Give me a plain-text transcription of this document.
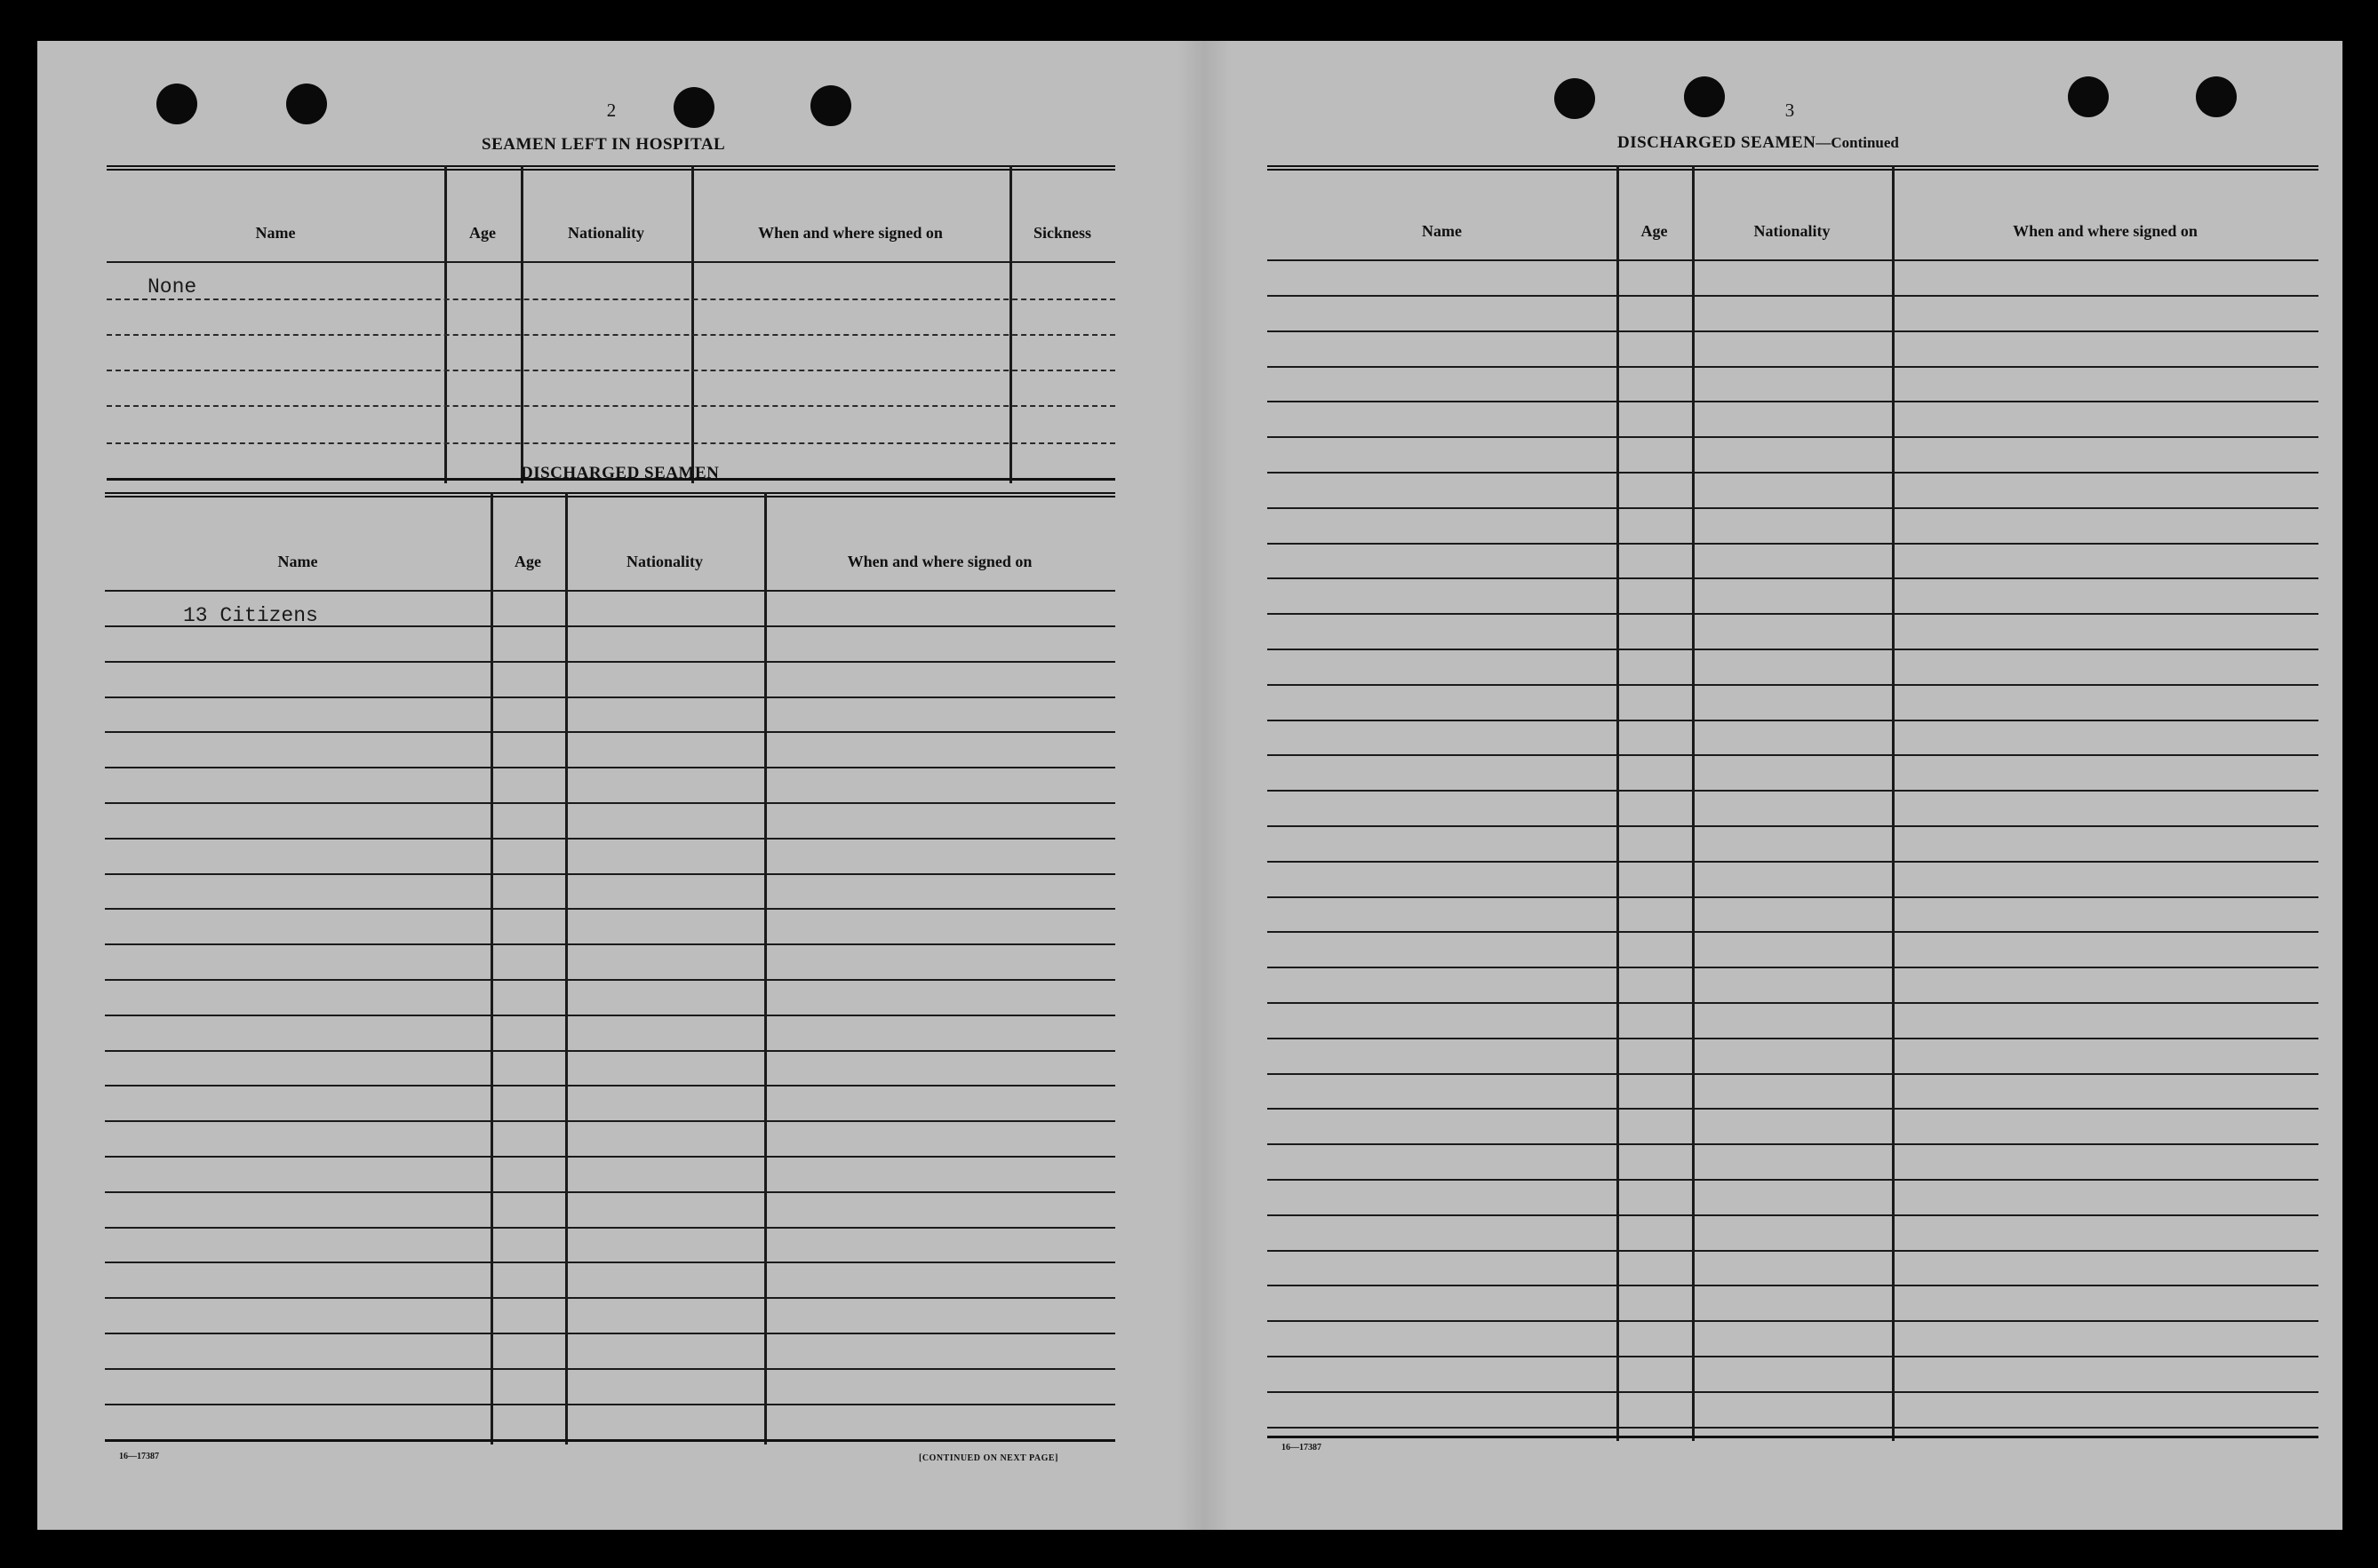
2
SEAMEN LEFT IN HOSPITAL
Name	Age	Nationality	When and where signed on	Sickness
None
DISCHARGED SEAMEN
Name	Age	Nationality	When and where signed on
13 Citizens
16—17387	[CONTINUED ON NEXT PAGE]
3
DISCHARGED SEAMEN—Continued
Name	Age	Nationality	When and where signed on
16—17387
